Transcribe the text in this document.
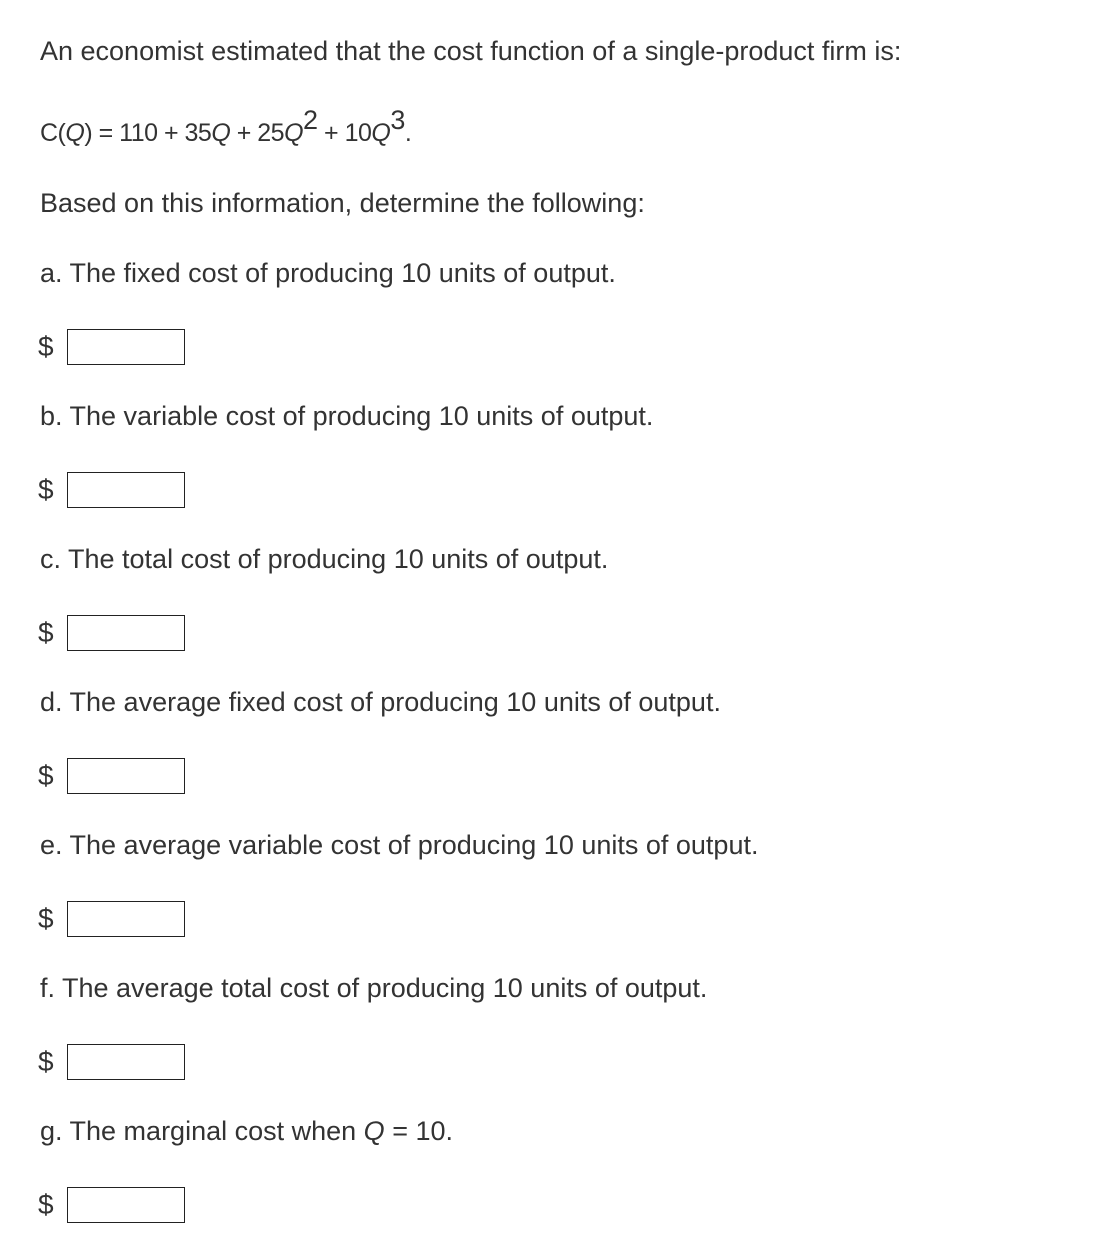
An economist estimated that the cost function of a single-product firm is:

$C(Q) = 110 + 35Q + 25Q^2 + 10Q^3$.

Based on this information, determine the following:

a. The fixed cost of producing 10 units of output.

$

b. The variable cost of producing 10 units of output.

$

c. The total cost of producing 10 units of output.

$

d. The average fixed cost of producing 10 units of output.

$

e. The average variable cost of producing 10 units of output.

$

f. The average total cost of producing 10 units of output.

$

g. The marginal cost when Q = 10.

$
